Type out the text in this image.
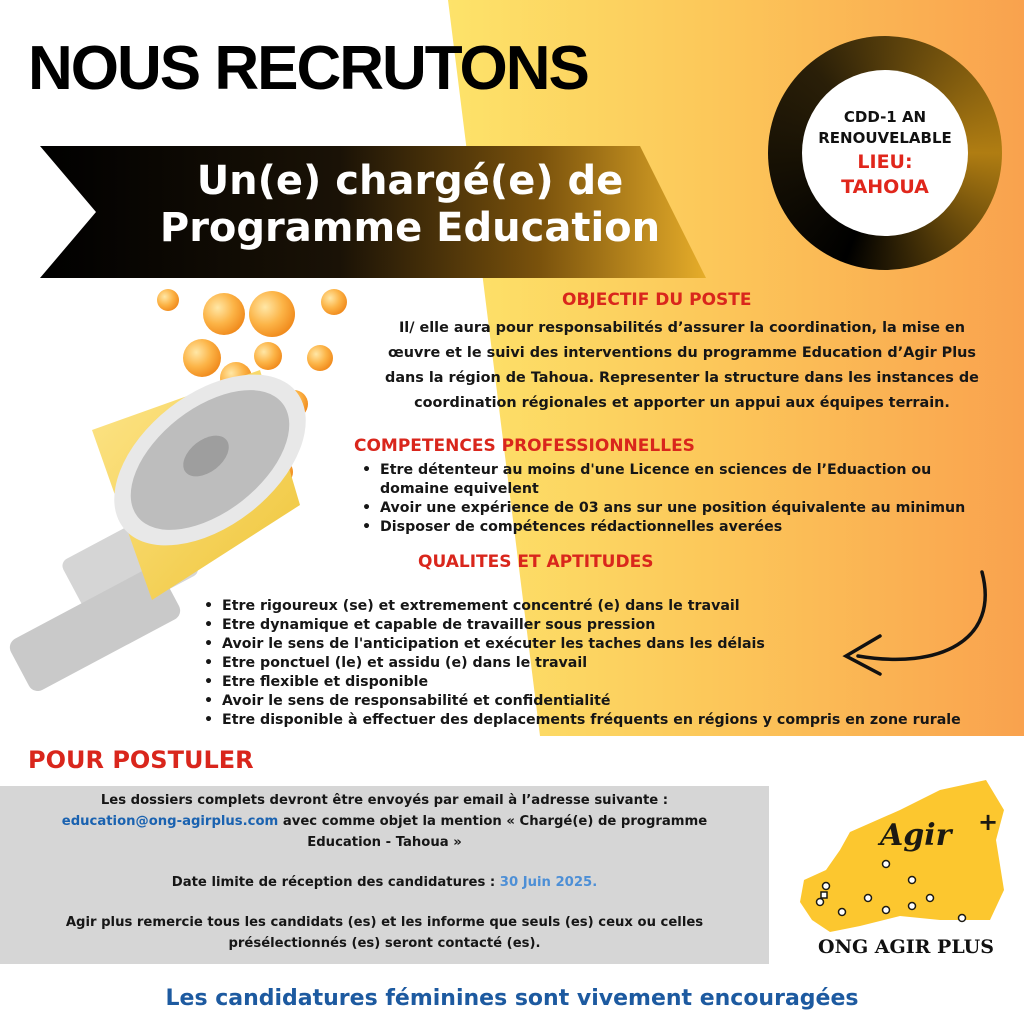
NOUS RECRUTONS
Un(e) chargé(e) de
Programme Education
CDD-1 AN
RENOUVELABLE
LIEU:
TAHOUA
OBJECTIF DU POSTE
Il/ elle aura pour responsabilités d’assurer la coordination, la mise en
œuvre et le suivi des interventions du programme Education d’Agir Plus
dans la région de Tahoua. Representer la structure dans les instances de
coordination régionales et apporter un appui aux équipes terrain.
COMPETENCES PROFESSIONNELLES
• Etre détenteur au moins d'une Licence en sciences de l’Eduaction ou domaine equivelent
• Avoir une expérience de 03 ans sur une position équivalente au minimun
• Disposer de compétences rédactionnelles averées
QUALITES ET APTITUDES
• Etre rigoureux (se) et extremement concentré (e) dans le travail
• Etre dynamique et capable de travailler sous pression
• Avoir le sens de l'anticipation et exécuter les taches dans les délais
• Etre ponctuel (le) et assidu (e) dans le travail
• Etre flexible et disponible
• Avoir le sens de responsabilité et confidentialité
• Etre disponible à effectuer des deplacements fréquents en régions y compris en zone rurale
POUR POSTULER

Les dossiers complets devront être envoyés par email à l’adresse suivante :

education@ong-agirplus.com avec comme objet la mention « Chargé(e) de programme

Education - Tahoua »

Date limite de réception des candidatures : 30 Juin 2025.

Agir plus remercie tous les candidats (es) et les informe que seuls (es) ceux ou celles

présélectionnés (es) seront contacté (es).

Agir +
ONG AGIR PLUS
Les candidatures féminines sont vivement encouragées
